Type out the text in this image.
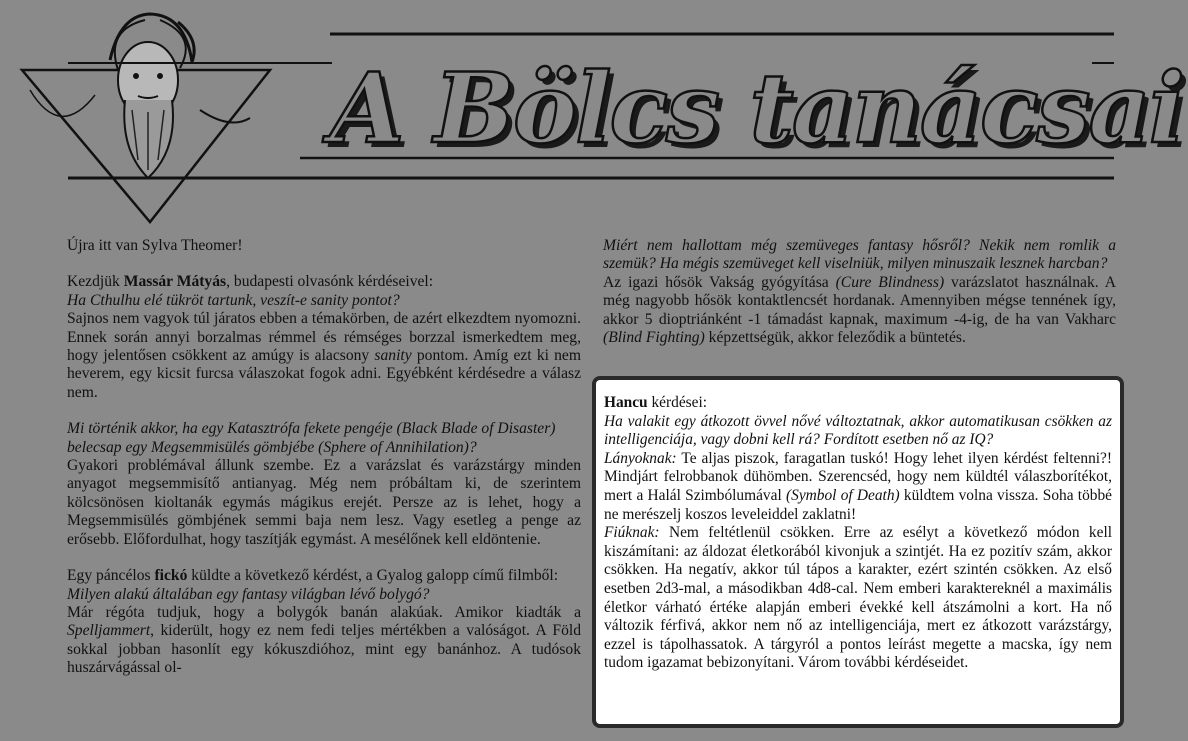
A Bölcs tanácsai

Újra itt van Sylva Theomer!

Kezdjük Massár Mátyás, budapesti olvasónk kérdéseivel:

Ha Cthulhu elé tükröt tartunk, veszít-e sanity pontot?

Sajnos nem vagyok túl járatos ebben a témakörben, de azért elkezdtem nyomozni. Ennek során annyi borzalmas rémmel és rémséges borzzal ismerkedtem meg, hogy jelentősen csökkent az amúgy is alacsony sanity pontom. Amíg ezt ki nem heverem, egy kicsit furcsa válaszokat fogok adni. Egyébként kérdésedre a válasz nem.

Mi történik akkor, ha egy Katasztrófa fekete pengéje (Black Blade of Disaster) belecsap egy Megsemmisülés gömbjébe (Sphere of Annihilation)?

Gyakori problémával állunk szembe. Ez a varázslat és varázstárgy minden anyagot megsemmisítő antianyag. Még nem próbáltam ki, de szerintem kölcsönösen kioltanák egymás mágikus erejét. Persze az is lehet, hogy a Megsemmisülés gömbjének semmi baja nem lesz. Vagy esetleg a penge az erősebb. Előfordulhat, hogy taszítják egymást. A mesélőnek kell eldöntenie.

Egy páncélos fickó küldte a következő kérdést, a Gyalog galopp című filmből:

Milyen alakú általában egy fantasy világban lévő bolygó?

Már régóta tudjuk, hogy a bolygók banán alakúak. Amikor kiadták a Spelljammert, kiderült, hogy ez nem fedi teljes mértékben a valóságot. A Föld sokkal jobban hasonlít egy kókuszdióhoz, mint egy banánhoz. A tudósok huszárvágással ol-

Miért nem hallottam még szemüveges fantasy hősről? Nekik nem romlik a szemük? Ha mégis szemüveget kell viselniük, milyen minuszaik lesznek harcban?

Az igazi hősök Vakság gyógyítása (Cure Blindness) varázslatot használnak. A még nagyobb hősök kontaktlencsét hordanak. Amennyiben mégse tennének így, akkor 5 dioptriánként -1 támadást kapnak, maximum -4-ig, de ha van Vakharc (Blind Fighting) képzettségük, akkor feleződik a büntetés.

Hancu kérdései:

Ha valakit egy átkozott övvel nővé változtatnak, akkor automatikusan csökken az intelligenciája, vagy dobni kell rá? Fordított esetben nő az IQ?

Lányoknak: Te aljas piszok, faragatlan tuskó! Hogy lehet ilyen kérdést feltenni?! Mindjárt felrobbanok dühömben. Szerencséd, hogy nem küldtél válaszborítékot, mert a Halál Szimbólumával (Symbol of Death) küldtem volna vissza. Soha többé ne merészelj koszos leveleiddel zaklatni!

Fiúknak: Nem feltétlenül csökken. Erre az esélyt a következő módon kell kiszámítani: az áldozat életkorából kivonjuk a szintjét. Ha ez pozitív szám, akkor csökken. Ha negatív, akkor túl tápos a karakter, ezért szintén csökken. Az első esetben 2d3-mal, a másodikban 4d8-cal. Nem emberi karaktereknél a maximális életkor várható értéke alapján emberi évekké kell átszámolni a kort. Ha nő változik férfivá, akkor nem nő az intelligenciája, mert ez átkozott varázstárgy, ezzel is tápolhassatok. A tárgyról a pontos leírást megette a macska, így nem tudom igazamat bebizonyítani. Várom további kérdéseidet.
